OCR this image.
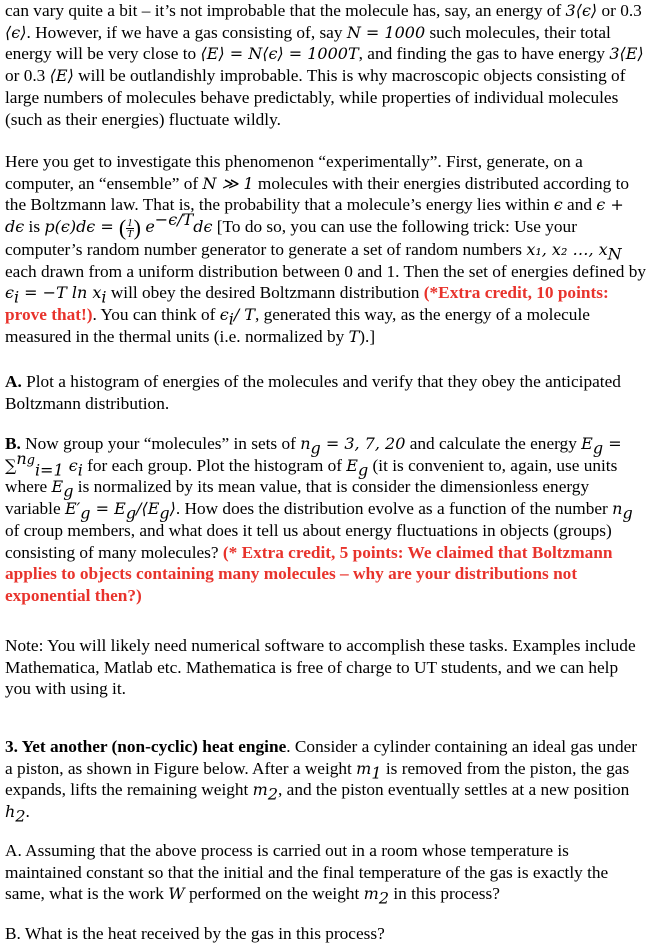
can vary quite a bit – it’s not improbable that the molecule has, say, an energy of 3⟨ϵ⟩ or 0.3 ⟨ϵ⟩. However, if we have a gas consisting of, say N = 1000 such molecules, their total energy will be very close to ⟨E⟩ = N⟨ϵ⟩ = 1000T, and finding the gas to have energy 3⟨E⟩ or 0.3 ⟨E⟩ will be outlandishly improbable. This is why macroscopic objects consisting of large numbers of molecules behave predictably, while properties of individual molecules (such as their energies) fluctuate wildly.

Here you get to investigate this phenomenon “experimentally”. First, generate, on a computer, an “ensemble” of N ≫ 1 molecules with their energies distributed according to the Boltzmann law. That is, the probability that a molecule’s energy lies within ϵ and ϵ + dϵ is p(ϵ)dϵ = ( $\frac{1}{T}$ ) $e^{-\epsilon/T}d\epsilon$ [To do so, you can use the following trick: Use your computer’s random number generator to generate a set of random numbers x₁, x₂ …, $x_N$ each drawn from a uniform distribution between 0 and 1. Then the set of energies defined by $\epsilon_i = -T$ $\ln x_i$ will obey the desired Boltzmann distribution (*Extra credit, 10 points: prove that!). You can think of $\epsilon_i/$ T, generated this way, as the energy of a molecule measured in the thermal units (i.e. normalized by T).]

A. Plot a histogram of energies of the molecules and verify that they obey the anticipated Boltzmann distribution.

B. Now group your “molecules” in sets of $n_g = 3$, 7, 20 and calculate the energy $E_g = \sum^{ng}_{i=1}$ $\epsilon_i$ for each group. Plot the histogram of $E_g$ (it is convenient to, again, use units where $E_g$ is normalized by its mean value, that is consider the dimensionless energy variable $E'_g$ = $E_g/⟨E_g⟩$. How does the distribution evolve as a function of the number $n_g$ of croup members, and what does it tell us about energy fluctuations in objects (groups) consisting of many molecules? (* Extra credit, 5 points: We claimed that Boltzmann applies to objects containing many molecules – why are your distributions not exponential then?)

Note: You will likely need numerical software to accomplish these tasks. Examples include Mathematica, Matlab etc. Mathematica is free of charge to UT students, and we can help you with using it.

3. Yet another (non-cyclic) heat engine. Consider a cylinder containing an ideal gas under a piston, as shown in Figure below. After a weight $m_1$ is removed from the piston, the gas expands, lifts the remaining weight $m_2$, and the piston eventually settles at a new position $h_2$.

A. Assuming that the above process is carried out in a room whose temperature is maintained constant so that the initial and the final temperature of the gas is exactly the same, what is the work W performed on the weight $m_2$ in this process?

B. What is the heat received by the gas in this process?
